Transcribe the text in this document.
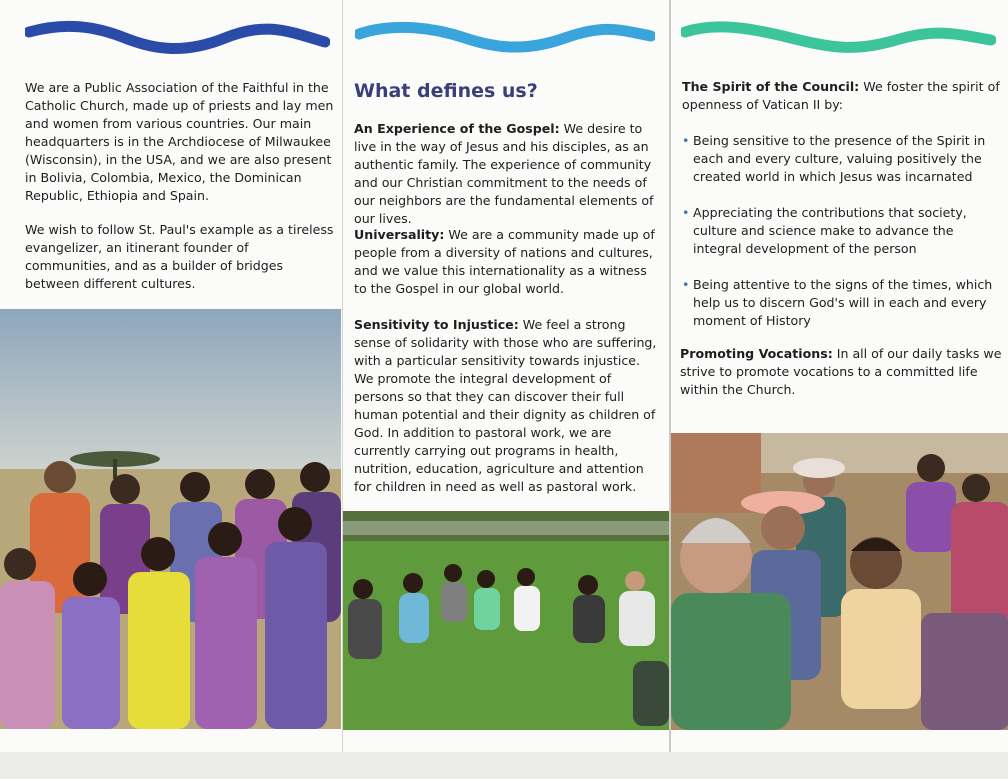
We are a Public Association of the Faithful in the Catholic Church, made up of priests and lay men and women from various countries. Our main headquarters is in the Archdiocese of Milwaukee (Wisconsin), in the USA, and we are also present in Bolivia, Colombia, Mexico, the Dominican Republic, Ethiopia and Spain.

We wish to follow St. Paul's example as a tireless evangelizer, an itinerant founder of communities, and as a builder of bridges between different cultures.

What defines us?
An Experience of the Gospel: We desire to live in the way of Jesus and his disciples, as an authentic family. The experience of community and our Christian commitment to the needs of our neighbors are the fundamental elements of our lives.
Universality: We are a community made up of people from a diversity of nations and cultures, and we value this internationality as a witness to the Gospel in our global world.
Sensitivity to Injustice: We feel a strong sense of solidarity with those who are suffering, with a particular sensitivity towards injustice. We promote the integral development of persons so that they can discover their full human potential and their dignity as children of God. In addition to pastoral work, we are currently carrying out programs in health, nutrition, education, agriculture and attention for children in need as well as pastoral work.
The Spirit of the Council: We foster the spirit of openness of Vatican II by:
• Being sensitive to the presence of the Spirit in each and every culture, valuing positively the created world in which Jesus was incarnated
• Appreciating the contributions that society, culture and science make to advance the integral development of the person
• Being attentive to the signs of the times, which help us to discern God's will in each and every moment of History
Promoting Vocations: In all of our daily tasks we strive to promote vocations to a committed life within the Church.
